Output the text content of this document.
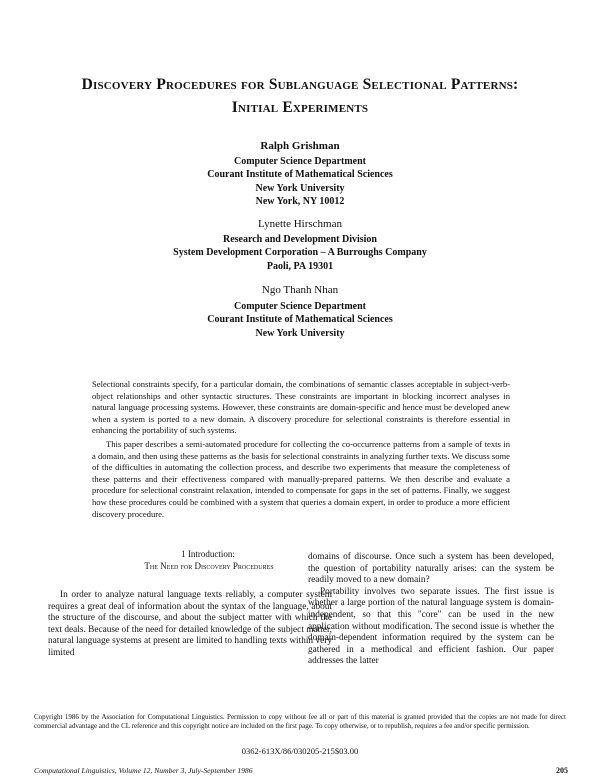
Discovery Procedures for Sublanguage Selectional Patterns:
Initial Experiments
Ralph Grishman
Computer Science Department
Courant Institute of Mathematical Sciences
New York University
New York, NY 10012
Lynette Hirschman
Research and Development Division
System Development Corporation – A Burroughs Company
Paoli, PA 19301
Ngo Thanh Nhan
Computer Science Department
Courant Institute of Mathematical Sciences
New York University

Selectional constraints specify, for a particular domain, the combinations of semantic classes acceptable in subject-verb-object relationships and other syntactic structures. These constraints are important in blocking incorrect analyses in natural language processing systems. However, these constraints are domain-specific and hence must be developed anew when a system is ported to a new domain. A discovery procedure for selectional constraints is therefore essential in enhancing the portability of such systems.

This paper describes a semi-automated procedure for collecting the co-occurrence patterns from a sample of texts in a domain, and then using these patterns as the basis for selectional constraints in analyzing further texts. We discuss some of the difficulties in automating the collection process, and describe two experiments that measure the completeness of these patterns and their effectiveness compared with manually-prepared patterns. We then describe and evaluate a procedure for selectional constraint relaxation, intended to compensate for gaps in the set of patterns. Finally, we suggest how these procedures could be combined with a system that queries a domain expert, in order to produce a more efficient discovery procedure.

1 Introduction:
The Need for Discovery Procedures

In order to analyze natural language texts reliably, a computer system requires a great deal of information about the syntax of the language, about the structure of the discourse, and about the subject matter with which the text deals. Because of the need for detailed knowledge of the subject matter, natural language systems at present are limited to handling texts within very limited

domains of discourse. Once such a system has been developed, the question of portability naturally arises: can the system be readily moved to a new domain?

Portability involves two separate issues. The first issue is whether a large portion of the natural language system is domain-independent, so that this "core" can be used in the new application without modification. The second issue is whether the domain-dependent information required by the system can be gathered in a methodical and efficient fashion. Our paper addresses the latter

Copyright 1986 by the Association for Computational Linguistics. Permission to copy without fee all or part of this material is granted provided that the copies are not made for direct commercial advantage and the CL reference and this copyright notice are included on the first page. To copy otherwise, or to republish, requires a fee and/or specific permission.
0362-613X/86/030205-215$03.00
Computational Linguistics, Volume 12, Number 3, July-September 1986	205
